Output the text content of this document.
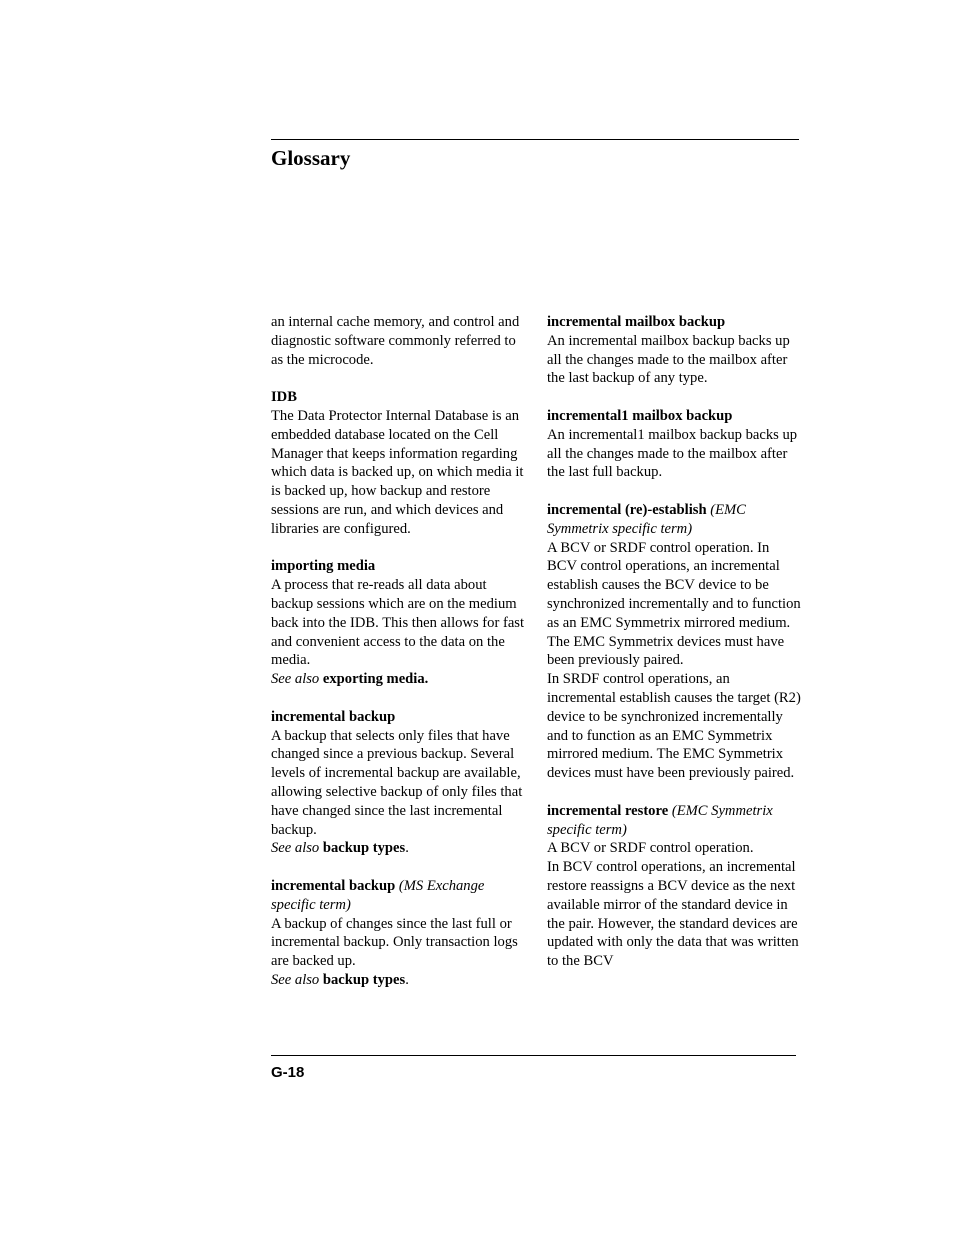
Glossary

an internal cache memory, and control and diagnostic software commonly referred to as the microcode.

IDB

The Data Protector Internal Database is an embedded database located on the Cell Manager that keeps information regarding which data is backed up, on which media it is backed up, how backup and restore sessions are run, and which devices and libraries are configured.

importing media

A process that re-reads all data about backup sessions which are on the medium back into the IDB. This then allows for fast and convenient access to the data on the media.

See also exporting media.

incremental backup

A backup that selects only files that have changed since a previous backup. Several levels of incremental backup are available, allowing selective backup of only files that have changed since the last incremental backup.

See also backup types.

incremental backup (MS Exchange specific term)

A backup of changes since the last full or incremental backup. Only transaction logs are backed up.

See also backup types.

incremental mailbox backup

An incremental mailbox backup backs up all the changes made to the mailbox after the last backup of any type.

incremental1 mailbox backup

An incremental1 mailbox backup backs up all the changes made to the mailbox after the last full backup.

incremental (re)-establish (EMC Symmetrix specific term)

A BCV or SRDF control operation. In BCV control operations, an incremental establish causes the BCV device to be synchronized incrementally and to function as an EMC Symmetrix mirrored medium. The EMC Symmetrix devices must have been previously paired.

In SRDF control operations, an incremental establish causes the target (R2) device to be synchronized incrementally and to function as an EMC Symmetrix mirrored medium. The EMC Symmetrix devices must have been previously paired.

incremental restore (EMC Symmetrix specific term)

A BCV or SRDF control operation.

In BCV control operations, an incremental restore reassigns a BCV device as the next available mirror of the standard device in the pair. However, the standard devices are updated with only the data that was written to the BCV

G-18
